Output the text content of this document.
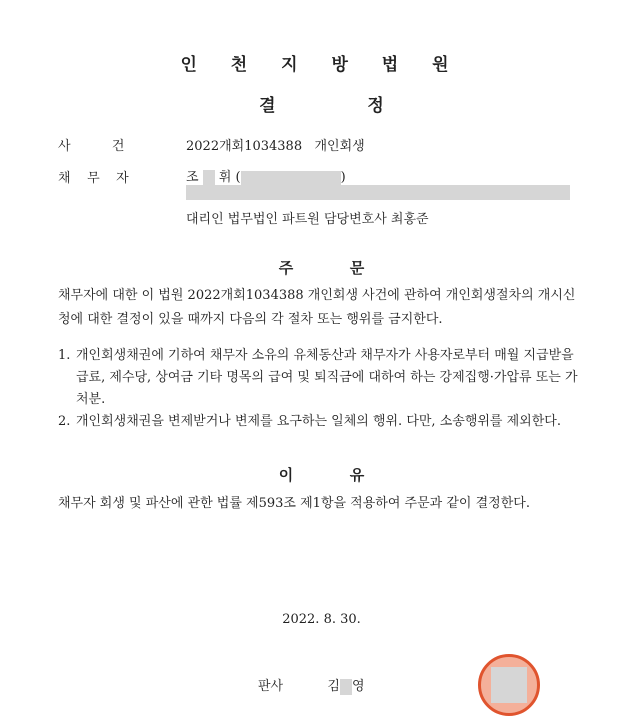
인 천 지 방 법 원
결	정
사          건	2022개회1034388   개인회생
채    무    자	조 휘 (	)
대리인 법무법인 파트원 담당변호사 최홍준
주	문
채무자에 대한 이 법원 2022개회1034388 개인회생 사건에 관하여 개인회생절차의 개시신청에 대한 결정이 있을 때까지 다음의 각 절차 또는 행위를 금지한다.
1. 개인회생채권에 기하여 채무자 소유의 유체동산과 채무자가 사용자로부터 매월 지급받을 급료, 제수당, 상여금 기타 명목의 급여 및 퇴직금에 대하여 하는 강제집행·가압류 또는 가처분.
2. 개인회생채권을 변제받거나 변제를 요구하는 일체의 행위. 다만, 소송행위를 제외한다.
이	유
채무자 회생 및 파산에 관한 법률 제593조 제1항을 적용하여 주문과 같이 결정한다.
2022. 8. 30.
판사	김 영
